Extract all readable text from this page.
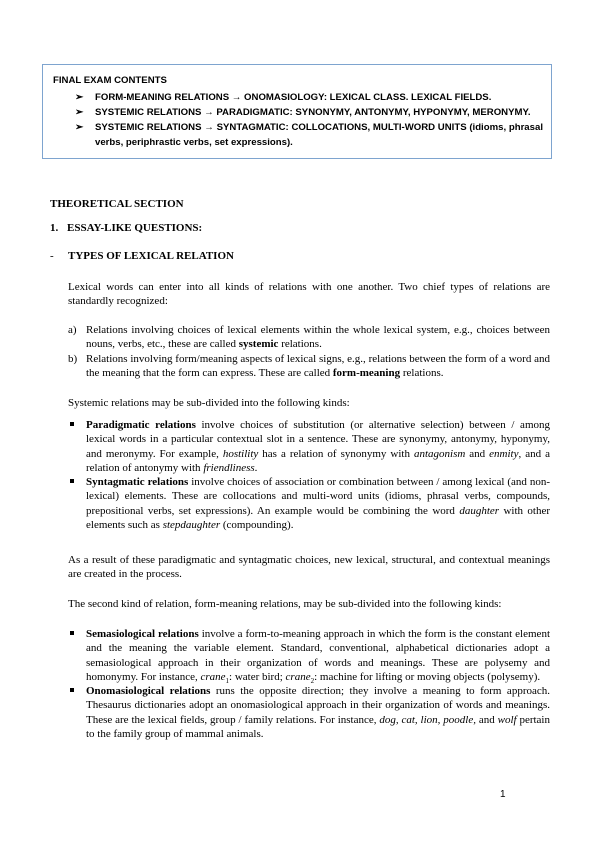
FINAL EXAM CONTENTS
➢ FORM-MEANING RELATIONS → ONOMASIOLOGY: LEXICAL CLASS. LEXICAL FIELDS.
➢ SYSTEMIC RELATIONS → PARADIGMATIC: SYNONYMY, ANTONYMY, HYPONYMY, MERONYMY.
➢ SYSTEMIC RELATIONS → SYNTAGMATIC: COLLOCATIONS, MULTI-WORD UNITS (idioms, phrasal verbs, periphrastic verbs, set expressions).
THEORETICAL SECTION
1. ESSAY-LIKE QUESTIONS:
- TYPES OF LEXICAL RELATION
Lexical words can enter into all kinds of relations with one another. Two chief types of relations are standardly recognized:
a) Relations involving choices of lexical elements within the whole lexical system, e.g., choices between nouns, verbs, etc., these are called systemic relations.
b) Relations involving form/meaning aspects of lexical signs, e.g., relations between the form of a word and the meaning that the form can express. These are called form-meaning relations.
Systemic relations may be sub-divided into the following kinds:
Paradigmatic relations involve choices of substitution (or alternative selection) between / among lexical words in a particular contextual slot in a sentence. These are synonymy, antonymy, hyponymy, and meronymy. For example, hostility has a relation of synonymy with antagonism and enmity, and a relation of antonymy with friendliness.
Syntagmatic relations involve choices of association or combination between / among lexical (and non-lexical) elements. These are collocations and multi-word units (idioms, phrasal verbs, compounds, prepositional verbs, set expressions). An example would be combining the word daughter with other elements such as stepdaughter (compounding).
As a result of these paradigmatic and syntagmatic choices, new lexical, structural, and contextual meanings are created in the process.
The second kind of relation, form-meaning relations, may be sub-divided into the following kinds:
Semasiological relations involve a form-to-meaning approach in which the form is the constant element and the meaning the variable element. Standard, conventional, alphabetical dictionaries adopt a semasiological approach in their organization of words and meanings. These are polysemy and homonymy. For instance, crane$_1$: water bird; crane$_2$: machine for lifting or moving objects (polysemy).
Onomasiological relations runs the opposite direction; they involve a meaning to form approach. Thesaurus dictionaries adopt an onomasiological approach in their organization of words and meanings. These are the lexical fields, group / family relations. For instance, dog, cat, lion, poodle, and wolf pertain to the family group of mammal animals.
1
